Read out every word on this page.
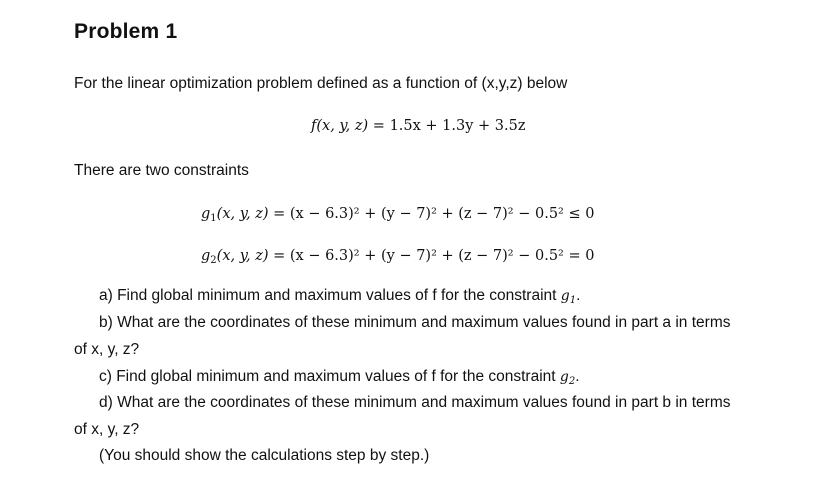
Problem 1
For the linear optimization problem defined as a function of (x,y,z) below
f(x, y, z) = 1.5x + 1.3y + 3.5z
There are two constraints
$g_1(x$, y, z) = (x − 6.3)² + (y − 7)² + (z − 7)² − 0.5² ≤ 0
$g_2(x$, y, z) = (x − 6.3)² + (y − 7)² + (z − 7)² − 0.5² = 0
a) Find global minimum and maximum values of f for the constraint $g_1$.
b) What are the coordinates of these minimum and maximum values found in part a in terms
of x, y, z?
c) Find global minimum and maximum values of f for the constraint $g_2$.
d) What are the coordinates of these minimum and maximum values found in part b in terms
of x, y, z?
(You should show the calculations step by step.)
